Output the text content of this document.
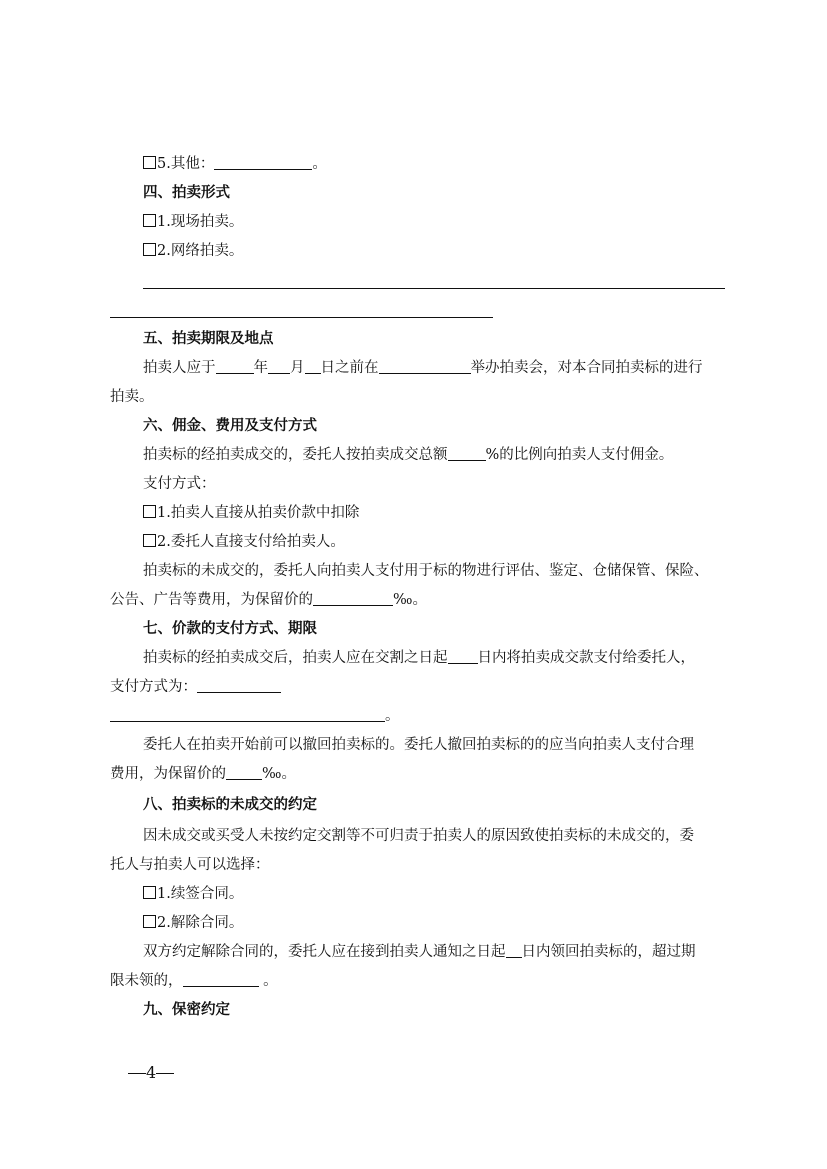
5.其他：	。
四、拍卖形式
1.现场拍卖。
2.网络拍卖。
五、拍卖期限及地点
拍卖人应于	年 月 日之前在	举办拍卖会，对本合同拍卖标的进行
拍卖。
六、佣金、费用及支付方式
拍卖标的经拍卖成交的，委托人按拍卖成交总额	%的比例向拍卖人支付佣金。
支付方式：
1.拍卖人直接从拍卖价款中扣除
2.委托人直接支付给拍卖人。
拍卖标的未成交的，委托人向拍卖人支付用于标的物进行评估、鉴定、仓储保管、保险、
公告、广告等费用，为保留价的	‰。
七、价款的支付方式、期限
拍卖标的经拍卖成交后，拍卖人应在交割之日起 日内将拍卖成交款支付给委托人，
支付方式为：
。
委托人在拍卖开始前可以撤回拍卖标的。委托人撤回拍卖标的的应当向拍卖人支付合理
费用，为保留价的 ‰。
八、拍卖标的未成交的约定
因未成交或买受人未按约定交割等不可归责于拍卖人的原因致使拍卖标的未成交的，委
托人与拍卖人可以选择：
1.续签合同。
2.解除合同。
双方约定解除合同的，委托人应在接到拍卖人通知之日起 日内领回拍卖标的，超过期
限未领的，	。
九、保密约定
4
